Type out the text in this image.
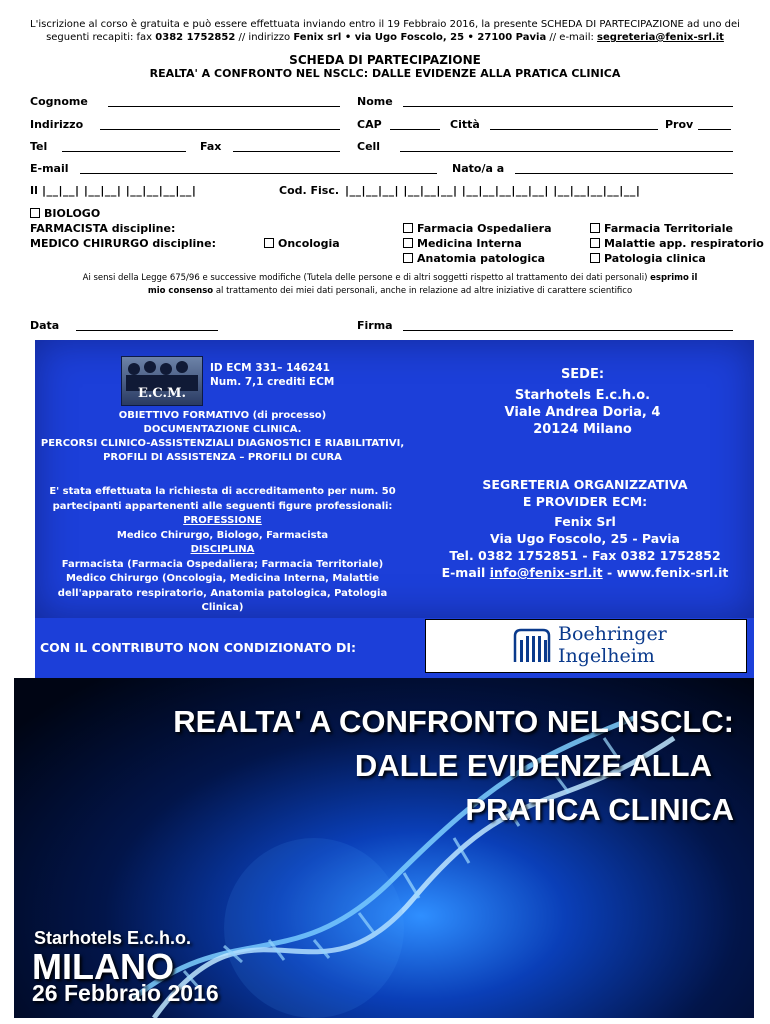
L'iscrizione al corso è gratuita e può essere effettuata inviando entro il 19 Febbraio 2016, la presente SCHEDA DI PARTECIPAZIONE ad uno dei
seguenti recapiti: fax 0382 1752852 // indirizzo Fenix srl • via Ugo Foscolo, 25 • 27100 Pavia // e-mail: segreteria@fenix-srl.it
SCHEDA DI PARTECIPAZIONE
REALTA' A CONFRONTO NEL NSCLC: DALLE EVIDENZE ALLA PRATICA CLINICA
Cognome	Nome
Indirizzo	CAP	Città	Prov
Tel	Fax	Cell
E-mail	Nato/a a
Il |__|__| |__|__| |__|__|__|__|	Cod. Fisc. |__|__|__| |__|__|__| |__|__|__|__|__| |__|__|__|__|__|
BIOLOGO
FARMACISTA discipline:
MEDICO CHIRURGO discipline:	Oncologia
Farmacia Ospedaliera
Medicina Interna
Anatomia patologica
Farmacia Territoriale
Malattie app. respiratorio
Patologia clinica
Ai sensi della Legge 675/96 e successive modifiche (Tutela delle persone e di altri soggetti rispetto al trattamento dei dati personali) esprimo il mio consenso al trattamento dei miei dati personali, anche in relazione ad altre iniziative di carattere scientifico
Data	Firma
E.C.M.
ID ECM 331– 146241
Num. 7,1 crediti ECM
OBIETTIVO FORMATIVO (di processo)
DOCUMENTAZIONE CLINICA.
PERCORSI CLINICO-ASSISTENZIALI DIAGNOSTICI E RIABILITATIVI,
PROFILI DI ASSISTENZA – PROFILI DI CURA
E' stata effettuata la richiesta di accreditamento per num. 50
partecipanti appartenenti alle seguenti figure professionali:
PROFESSIONE
Medico Chirurgo, Biologo, Farmacista
DISCIPLINA
Farmacista (Farmacia Ospedaliera; Farmacia Territoriale)
Medico Chirurgo (Oncologia, Medicina Interna, Malattie
dell'apparato respiratorio, Anatomia patologica, Patologia
Clinica)
SEDE:
Starhotels E.c.h.o.
Viale Andrea Doria, 4
20124 Milano
SEGRETERIA ORGANIZZATIVA
E PROVIDER ECM:
Fenix Srl
Via Ugo Foscolo, 25 - Pavia
Tel. 0382 1752851 - Fax 0382 1752852
E-mail info@fenix-srl.it - www.fenix-srl.it
CON IL CONTRIBUTO NON CONDIZIONATO DI:
Boehringer
Ingelheim
REALTA' A CONFRONTO NEL NSCLC:
DALLE EVIDENZE ALLA
PRATICA CLINICA
Starhotels E.c.h.o.
MILANO
26 Febbraio 2016
